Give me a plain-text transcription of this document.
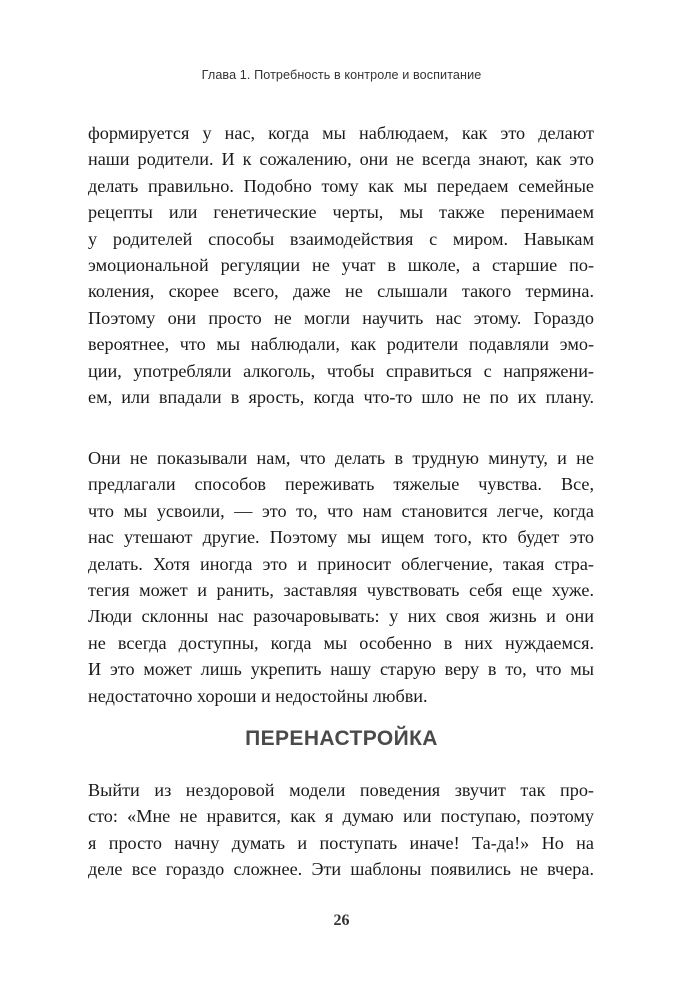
Глава 1. Потребность в контроле и воспитание
формируется у нас, когда мы наблюдаем, как это делают
наши родители. И к сожалению, они не всегда знают, как это
делать правильно. Подобно тому как мы передаем семейные
рецепты или генетические черты, мы также перенимаем
у родителей способы взаимодействия с миром. Навыкам
эмоциональной регуляции не учат в школе, а старшие по-
коления, скорее всего, даже не слышали такого термина.
Поэтому они просто не могли научить нас этому. Гораздо
вероятнее, что мы наблюдали, как родители подавляли эмо-
ции, употребляли алкоголь, чтобы справиться с напряжени-
ем, или впадали в ярость, когда что-то шло не по их плану.
Они не показывали нам, что делать в трудную минуту, и не
предлагали способов переживать тяжелые чувства. Все,
что мы усвоили, — это то, что нам становится легче, когда
нас утешают другие. Поэтому мы ищем того, кто будет это
делать. Хотя иногда это и приносит облегчение, такая стра-
тегия может и ранить, заставляя чувствовать себя еще хуже.
Люди склонны нас разочаровывать: у них своя жизнь и они
не всегда доступны, когда мы особенно в них нуждаемся.
И это может лишь укрепить нашу старую веру в то, что мы
недостаточно хороши и недостойны любви.
ПЕРЕНАСТРОЙКА
Выйти из нездоровой модели поведения звучит так про-
сто: «Мне не нравится, как я думаю или поступаю, поэтому
я просто начну думать и поступать иначе! Та-да!» Но на
деле все гораздо сложнее. Эти шаблоны появились не вчера.
26
